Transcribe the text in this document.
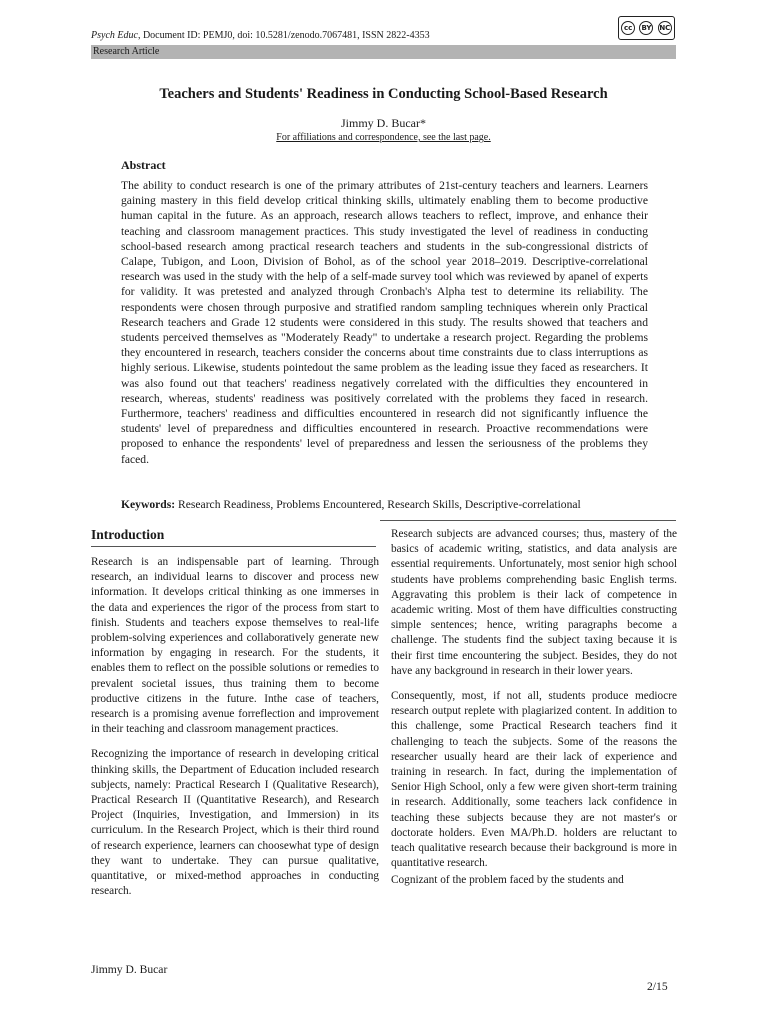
Psych Educ, Document ID: PEMJ0, doi: 10.5281/zenodo.7067481, ISSN 2822-4353
cc	BY NC
Research Article
Teachers and Students' Readiness in Conducting School-Based Research
Jimmy D. Bucar*
For affiliations and correspondence, see the last page.
Abstract
The ability to conduct research is one of the primary attributes of 21st-century teachers and learners. Learners gaining mastery in this field develop critical thinking skills, ultimately enabling them to become productive human capital in the future. As an approach, research allows teachers to reflect, improve, and enhance their teaching and classroom management practices. This study investigated the level of readiness in conducting school-based research among practical research teachers and students in the sub-congressional districts of Calape, Tubigon, and Loon, Division of Bohol, as of the school year 2018–2019. Descriptive-correlational research was used in the study with the help of a self-made survey tool which was reviewed by apanel of experts for validity. It was pretested and analyzed through Cronbach's Alpha test to determine its reliability. The respondents were chosen through purposive and stratified random sampling techniques wherein only Practical Research teachers and Grade 12 students were considered in this study. The results showed that teachers and students perceived themselves as "Moderately Ready" to undertake a research project. Regarding the problems they encountered in research, teachers consider the concerns about time constraints due to class interruptions as highly serious. Likewise, students pointedout the same problem as the leading issue they faced as researchers. It was also found out that teachers' readiness negatively correlated with the difficulties they encountered in research, whereas, students' readiness was positively correlated with the problems they faced in research. Furthermore, teachers' readiness and difficulties encountered in research did not significantly influence the students' level of preparedness and difficulties encountered in research. Proactive recommendations were proposed to enhance the respondents' level of preparedness and lessen the seriousness of the problems they faced.
Keywords: Research Readiness, Problems Encountered, Research Skills, Descriptive-correlational
Introduction

Research is an indispensable part of learning. Through research, an individual learns to discover and process new information. It develops critical thinking as one immerses in the data and experiences the rigor of the process from start to finish. Students and teachers expose themselves to real-life problem-solving experiences and collaboratively generate new information by engaging in research. For the students, it enables them to reflect on the possible solutions or remedies to prevalent societal issues, thus training them to become productive citizens in the future. Inthe case of teachers, research is a promising avenue forreflection and improvement in their teaching and classroom management practices.

Recognizing the importance of research in developing critical thinking skills, the Department of Education included research subjects, namely: Practical Research I (Qualitative Research), Practical Research II (Quantitative Research), and Research Project (Inquiries, Investigation, and Immersion) in its curriculum. In the Research Project, which is their third round of research experience, learners can choosewhat type of design they want to undertake. They can pursue qualitative, quantitative, or mixed-method approaches in conducting research.

Research subjects are advanced courses; thus, mastery of the basics of academic writing, statistics, and data analysis are essential requirements. Unfortunately, most senior high school students have problems comprehending basic English terms. Aggravating this problem is their lack of competence in academic writing. Most of them have difficulties constructing simple sentences; hence, writing paragraphs become a challenge. The students find the subject taxing because it is their first time encountering the subject. Besides, they do not have any background in research in their lower years.

Consequently, most, if not all, students produce mediocre research output replete with plagiarized content. In addition to this challenge, some Practical Research teachers find it challenging to teach the subjects. Some of the reasons the researcher usually heard are their lack of experience and training in research. In fact, during the implementation of Senior High School, only a few were given short-term training in research. Additionally, some teachers lack confidence in teaching these subjects because they are not master's or doctorate holders. Even MA/Ph.D. holders are reluctant to teach qualitative research because their background is more in quantitative research.

Cognizant of the problem faced by the students and

Jimmy D. Bucar
2/15
